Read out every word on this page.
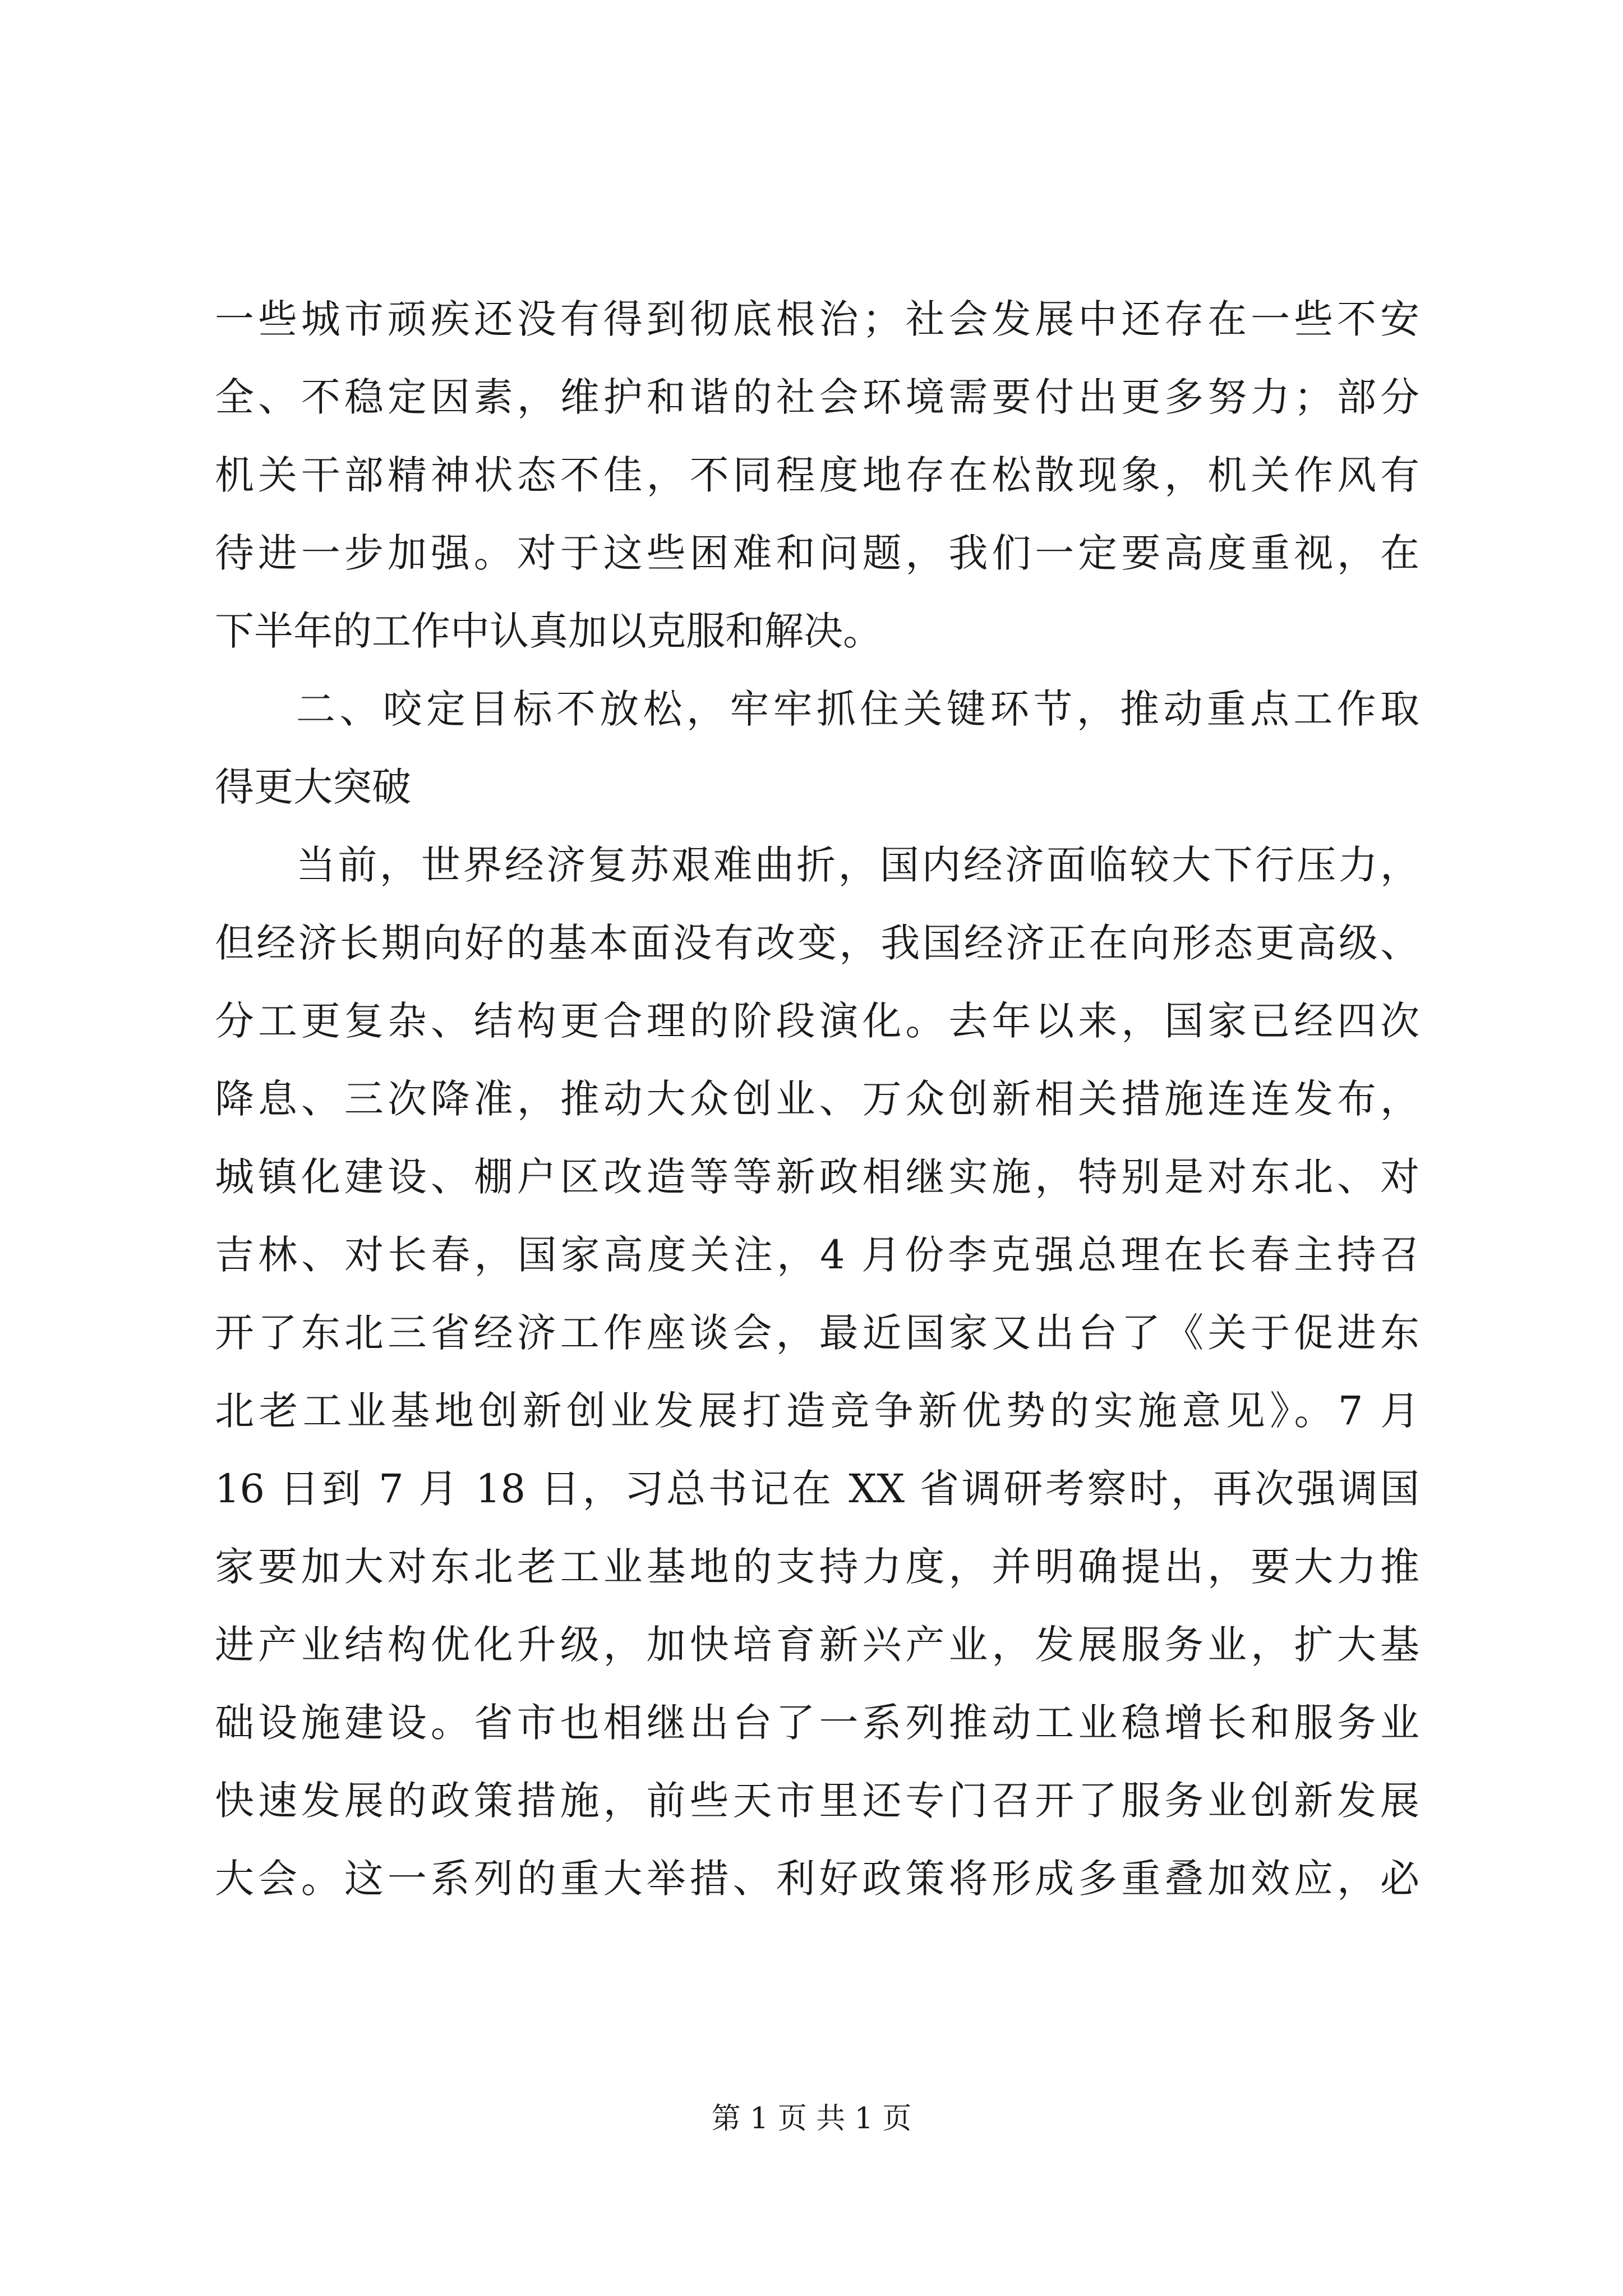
一些城市顽疾还没有得到彻底根治；社会发展中还存在一些不安
全、不稳定因素，维护和谐的社会环境需要付出更多努力；部分
机关干部精神状态不佳，不同程度地存在松散现象，机关作风有
待进一步加强。对于这些困难和问题，我们一定要高度重视，在
下半年的工作中认真加以克服和解决。
二、咬定目标不放松，牢牢抓住关键环节，推动重点工作取
得更大突破
当前，世界经济复苏艰难曲折，国内经济面临较大下行压力，
但经济长期向好的基本面没有改变，我国经济正在向形态更高级、
分工更复杂、结构更合理的阶段演化。去年以来，国家已经四次
降息、三次降准，推动大众创业、万众创新相关措施连连发布，
城镇化建设、棚户区改造等等新政相继实施，特别是对东北、对
吉林、对长春，国家高度关注，4 月份李克强总理在长春主持召
开了东北三省经济工作座谈会，最近国家又出台了《关于促进东
北老工业基地创新创业发展打造竞争新优势的实施意见》。7 月
16 日到 7 月 18 日，习总书记在 XX 省调研考察时，再次强调国
家要加大对东北老工业基地的支持力度，并明确提出，要大力推
进产业结构优化升级，加快培育新兴产业，发展服务业，扩大基
础设施建设。省市也相继出台了一系列推动工业稳增长和服务业
快速发展的政策措施，前些天市里还专门召开了服务业创新发展
大会。这一系列的重大举措、利好政策将形成多重叠加效应，必
第 1 页 共 1 页
